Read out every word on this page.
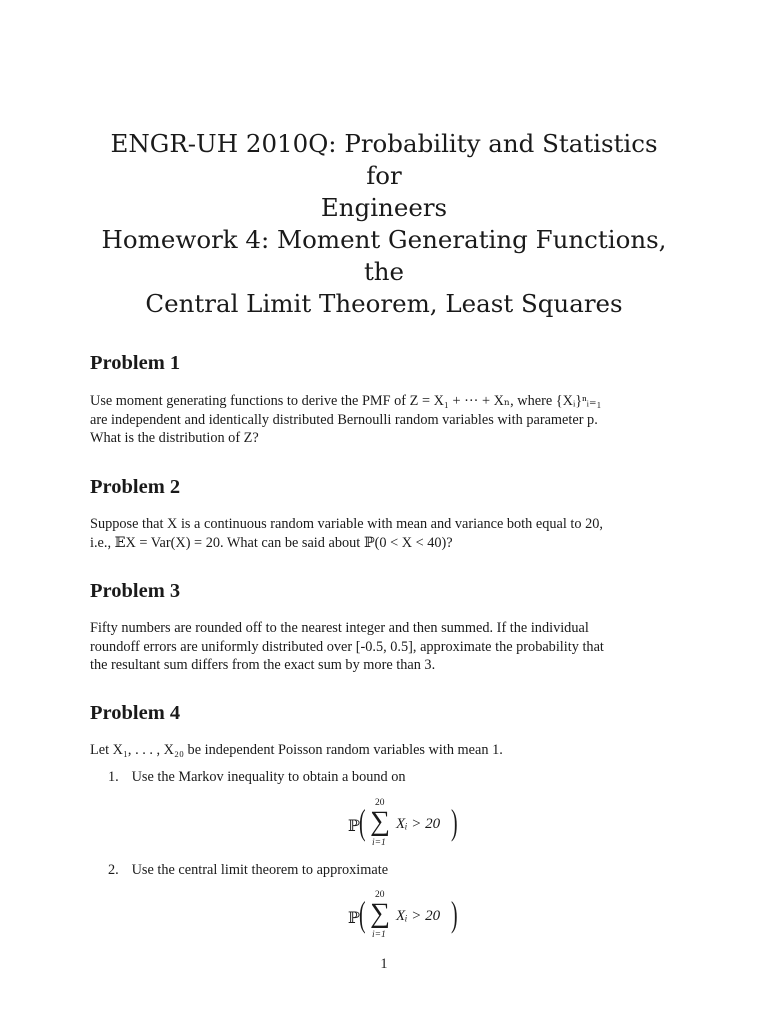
ENGR-UH 2010Q: Probability and Statistics for
Engineers
Homework 4: Moment Generating Functions, the
Central Limit Theorem, Least Squares
Problem 1
Use moment generating functions to derive the PMF of Z = X₁ + ··· + Xₙ, where {Xᵢ}ⁿᵢ₌₁
are independent and identically distributed Bernoulli random variables with parameter p.
What is the distribution of Z?
Problem 2
Suppose that X is a continuous random variable with mean and variance both equal to 20,
i.e., 𝔼X = Var(X) = 20. What can be said about ℙ(0 < X < 40)?
Problem 3
Fifty numbers are rounded off to the nearest integer and then summed. If the individual
roundoff errors are uniformly distributed over [-0.5, 0.5], approximate the probability that
the resultant sum differs from the exact sum by more than 3.
Problem 4
Let X₁, . . . , X₂₀ be independent Poisson random variables with mean 1.
1. Use the Markov inequality to obtain a bound on
ℙ
( 20
∑
i=1
Xᵢ > 20 )
2. Use the central limit theorem to approximate
ℙ
( 20
∑
i=1
Xᵢ > 20 )
1
